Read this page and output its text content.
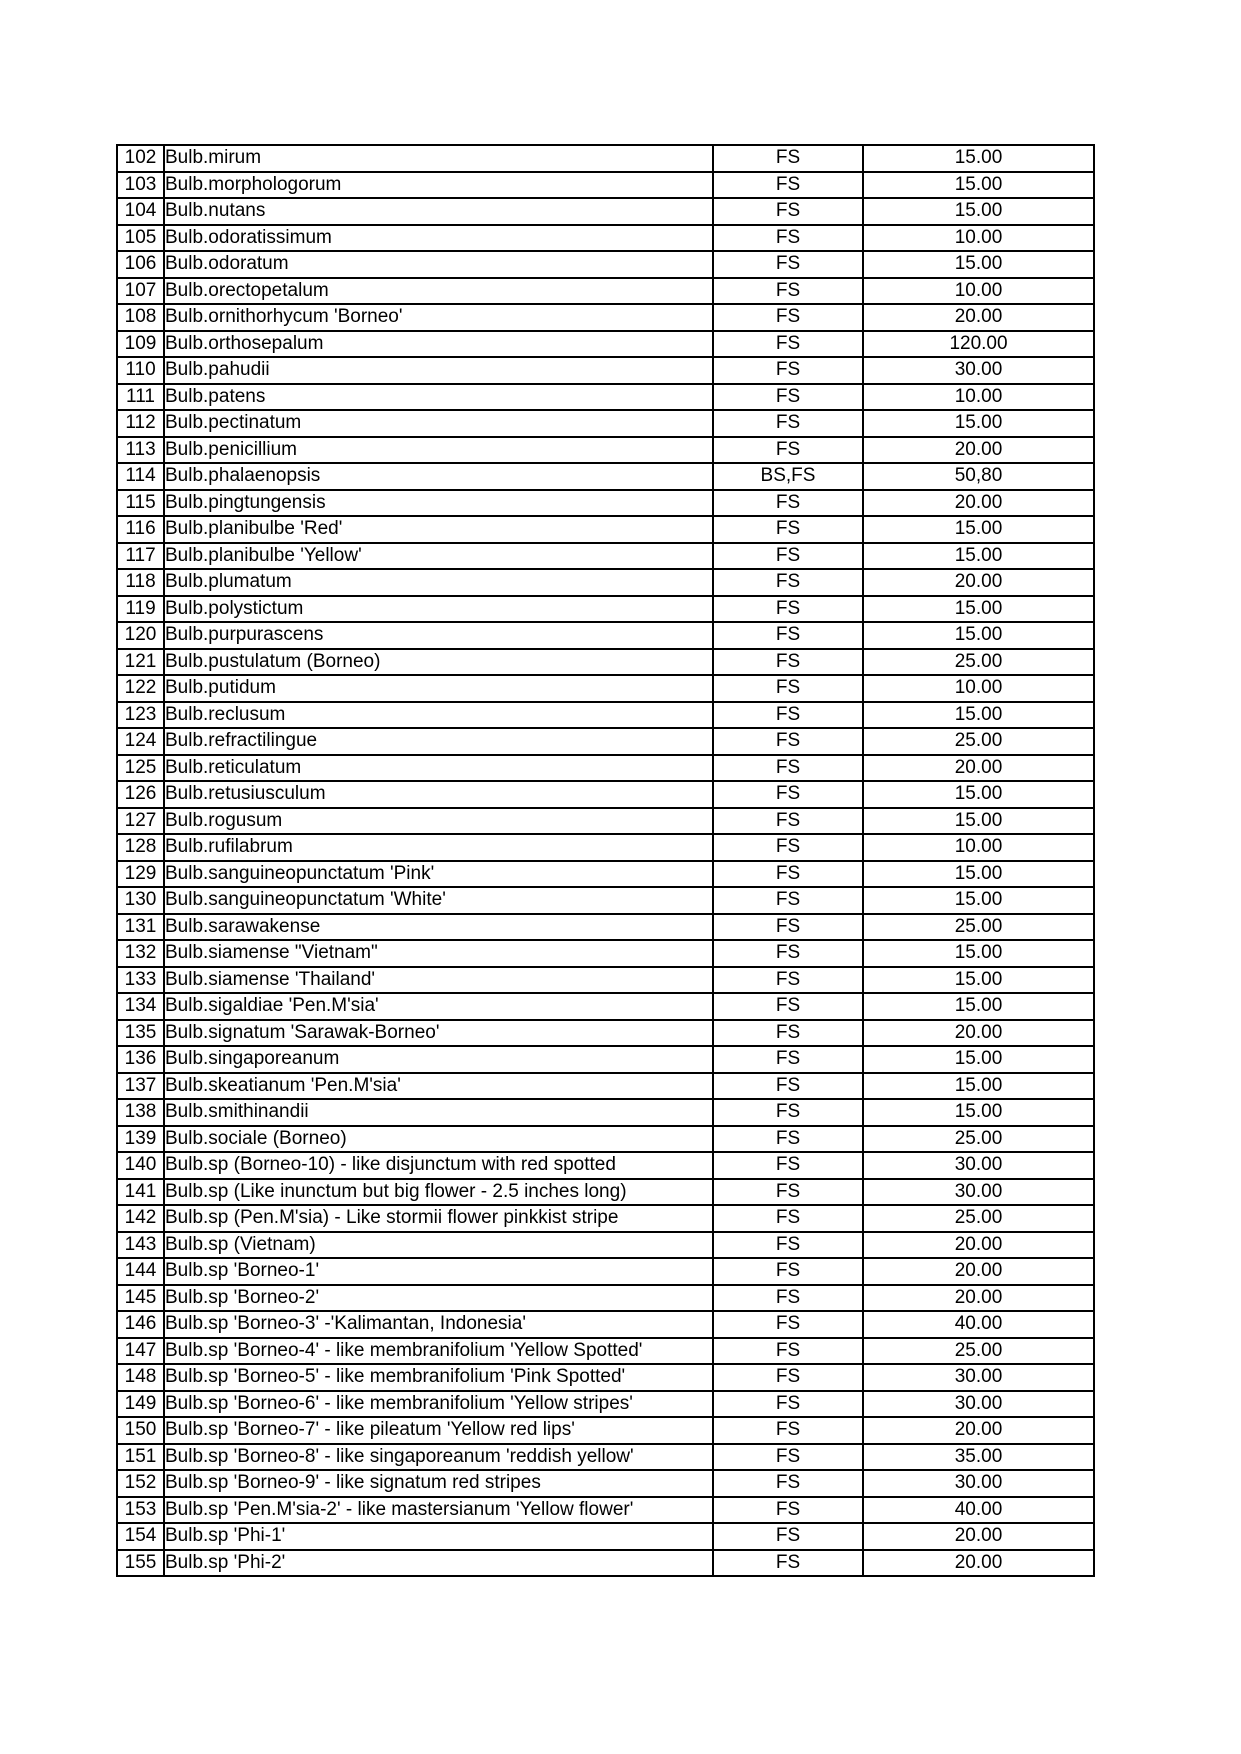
102	Bulb.mirum	FS	15.00
103	Bulb.morphologorum	FS	15.00
104	Bulb.nutans	FS	15.00
105	Bulb.odoratissimum	FS	10.00
106	Bulb.odoratum	FS	15.00
107	Bulb.orectopetalum	FS	10.00
108	Bulb.ornithorhycum 'Borneo'	FS	20.00
109	Bulb.orthosepalum	FS	120.00
110	Bulb.pahudii	FS	30.00
111	Bulb.patens	FS	10.00
112	Bulb.pectinatum	FS	15.00
113	Bulb.penicillium	FS	20.00
114	Bulb.phalaenopsis	BS,FS	50,80
115	Bulb.pingtungensis	FS	20.00
116	Bulb.planibulbe 'Red'	FS	15.00
117	Bulb.planibulbe 'Yellow'	FS	15.00
118	Bulb.plumatum	FS	20.00
119	Bulb.polystictum	FS	15.00
120	Bulb.purpurascens	FS	15.00
121	Bulb.pustulatum (Borneo)	FS	25.00
122	Bulb.putidum	FS	10.00
123	Bulb.reclusum	FS	15.00
124	Bulb.refractilingue	FS	25.00
125	Bulb.reticulatum	FS	20.00
126	Bulb.retusiusculum	FS	15.00
127	Bulb.rogusum	FS	15.00
128	Bulb.rufilabrum	FS	10.00
129	Bulb.sanguineopunctatum 'Pink'	FS	15.00
130	Bulb.sanguineopunctatum 'White'	FS	15.00
131	Bulb.sarawakense	FS	25.00
132	Bulb.siamense "Vietnam"	FS	15.00
133	Bulb.siamense 'Thailand'	FS	15.00
134	Bulb.sigaldiae 'Pen.M'sia'	FS	15.00
135	Bulb.signatum 'Sarawak-Borneo'	FS	20.00
136	Bulb.singaporeanum	FS	15.00
137	Bulb.skeatianum 'Pen.M'sia'	FS	15.00
138	Bulb.smithinandii	FS	15.00
139	Bulb.sociale (Borneo)	FS	25.00
140	Bulb.sp (Borneo-10) - like disjunctum with red spotted	FS	30.00
141	Bulb.sp (Like inunctum but big flower - 2.5 inches long)	FS	30.00
142	Bulb.sp (Pen.M'sia) - Like stormii flower pinkkist stripe	FS	25.00
143	Bulb.sp (Vietnam)	FS	20.00
144	Bulb.sp 'Borneo-1'	FS	20.00
145	Bulb.sp 'Borneo-2'	FS	20.00
146	Bulb.sp 'Borneo-3' -'Kalimantan, Indonesia'	FS	40.00
147	Bulb.sp 'Borneo-4' - like membranifolium 'Yellow Spotted'	FS	25.00
148	Bulb.sp 'Borneo-5' - like membranifolium 'Pink Spotted'	FS	30.00
149	Bulb.sp 'Borneo-6' - like membranifolium 'Yellow stripes'	FS	30.00
150	Bulb.sp 'Borneo-7' - like pileatum 'Yellow red lips'	FS	20.00
151	Bulb.sp 'Borneo-8' - like singaporeanum 'reddish yellow'	FS	35.00
152	Bulb.sp 'Borneo-9' - like signatum red stripes	FS	30.00
153	Bulb.sp 'Pen.M'sia-2' - like mastersianum 'Yellow flower'	FS	40.00
154	Bulb.sp 'Phi-1'	FS	20.00
155	Bulb.sp 'Phi-2'	FS	20.00
